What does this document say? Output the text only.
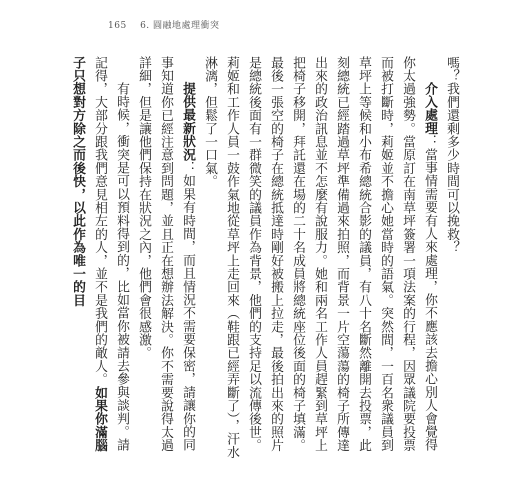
165 6. 圓融地處理衝突

嗎？我們還剩多少時間可以挽救？

介入處理：當事情需要有人來處理，你不應該去擔心別人會覺得你太過強勢。當原訂在南草坪簽署一項法案的行程，因眾議院要投票而被打斷時，莉姬並不擔心她當時的語氣。突然間，一百名衆議員到草坪上等候和小布希總統合影的議員，有八十名斷然離開去投票，此刻總統已經踏過草坪準備過來拍照，而背景一片空蕩蕩的椅子所傳達出來的政治訊息並不怎麼有說服力。她和兩名工作人員趕緊到草坪上把椅子移開，拜託還在場的二十名成員將總統座位後面的椅子填滿。最後一張空的椅子在總統抵達時剛好被搬上拉走，最後拍出來的照片是總統後面有一群微笑的議員作為背景，他們的支持足以流傳後世。莉姬和工作人員一鼓作氣地從草坪上走回來（鞋跟已經弄斷了），汗水淋漓，但鬆了一口氣。

提供最新狀況：如果有時間，而且情況不需要保密，請讓你的同事知道你已經注意到問題，並且正在想辦法解決。你不需要說得太過詳細，但是讓他們保持在狀況之內，他們會很感激。

有時候，衝突是可以預料得到的，比如當你被請去參與談判。請記得，大部分跟我們意見相左的人，並不是我們的敵人。如果你滿腦子只想對方除之而後快，以此作為唯一的目
